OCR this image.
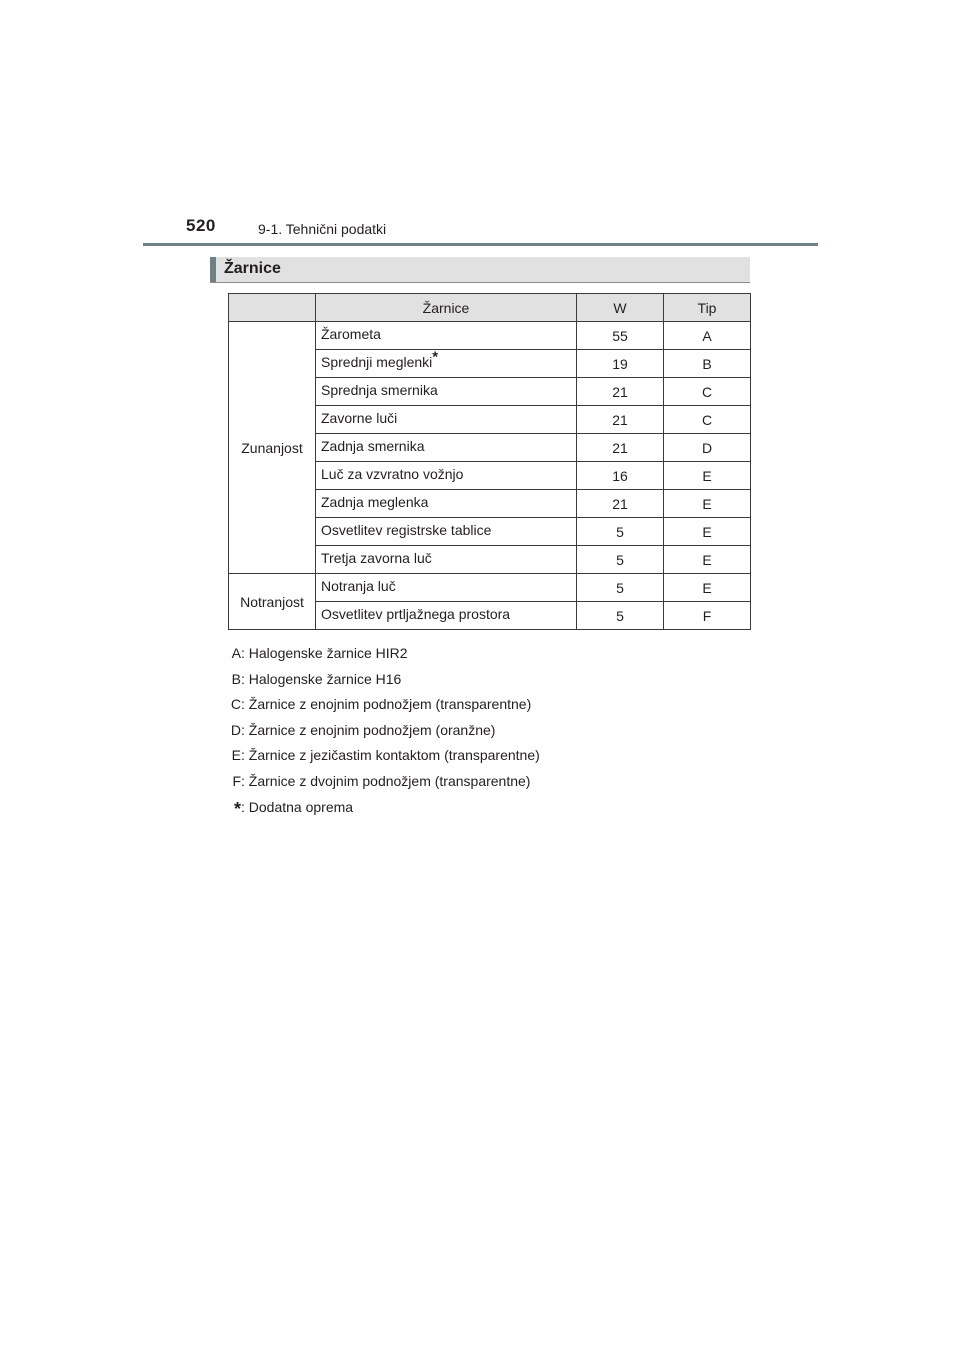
520	9-1. Tehnični podatki
Žarnice
	Žarnice	W	Tip
Zunanjost	Žarometa	55	A
	Sprednji meglenki*	19	B
	Sprednja smernika	21	C
	Zavorne luči	21	C
	Zadnja smernika	21	D
	Luč za vzvratno vožnjo	16	E
	Zadnja meglenka	21	E
	Osvetlitev registrske tablice	5	E
	Tretja zavorna luč	5	E
Notranjost	Notranja luč	5	E
	Osvetlitev prtljažnega prostora	5	F
A: Halogenske žarnice HIR2
B: Halogenske žarnice H16
C: Žarnice z enojnim podnožjem (transparentne)
D: Žarnice z enojnim podnožjem (oranžne)
E: Žarnice z jezičastim kontaktom (transparentne)
F: Žarnice z dvojnim podnožjem (transparentne)
*: Dodatna oprema
